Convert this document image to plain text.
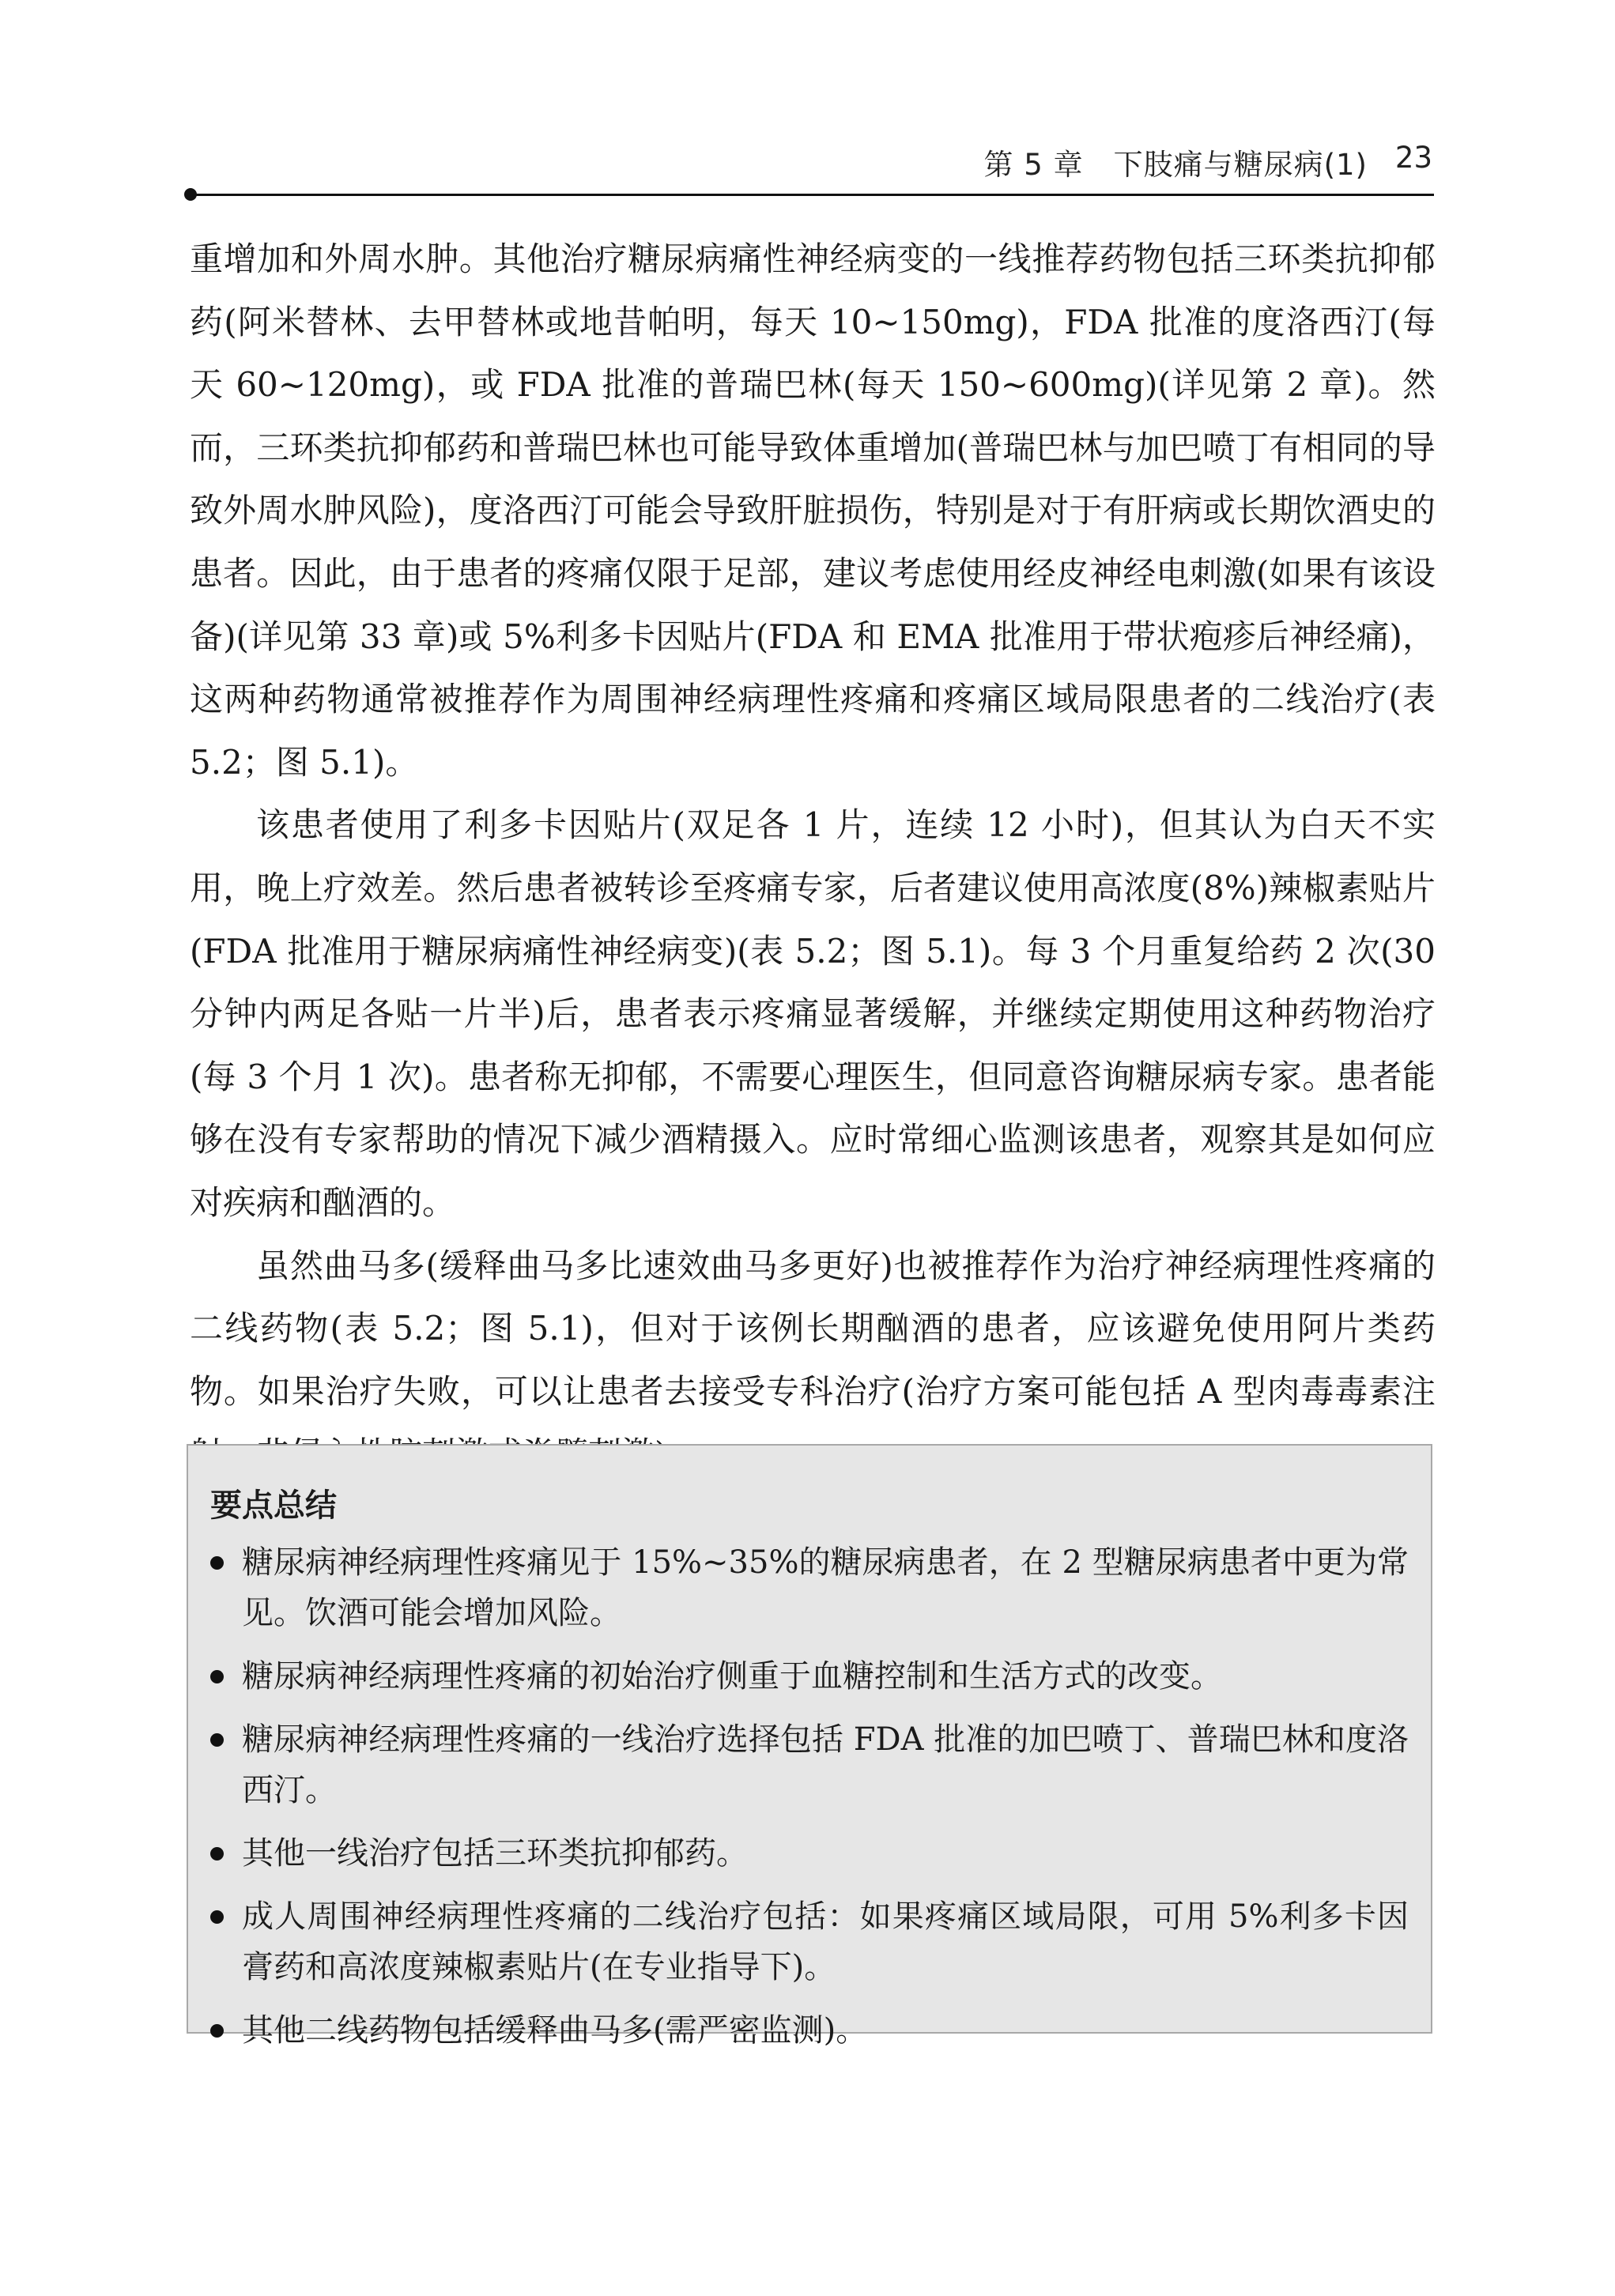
第 5 章　下肢痛与糖尿病(1) 23

重增加和外周水肿。其他治疗糖尿病痛性神经病变的一线推荐药物包括三环类抗抑郁药(阿米替林、去甲替林或地昔帕明，每天 10~150mg)，FDA 批准的度洛西汀(每天 60~120mg)，或 FDA 批准的普瑞巴林(每天 150~600mg)(详见第 2 章)。然而，三环类抗抑郁药和普瑞巴林也可能导致体重增加(普瑞巴林与加巴喷丁有相同的导致外周水肿风险)，度洛西汀可能会导致肝脏损伤，特别是对于有肝病或长期饮酒史的患者。因此，由于患者的疼痛仅限于足部，建议考虑使用经皮神经电刺激(如果有该设备)(详见第 33 章)或 5%利多卡因贴片(FDA 和 EMA 批准用于带状疱疹后神经痛)，这两种药物通常被推荐作为周围神经病理性疼痛和疼痛区域局限患者的二线治疗(表 5.2；图 5.1)。

该患者使用了利多卡因贴片(双足各 1 片，连续 12 小时)，但其认为白天不实用，晚上疗效差。然后患者被转诊至疼痛专家，后者建议使用高浓度(8%)辣椒素贴片(FDA 批准用于糖尿病痛性神经病变)(表 5.2；图 5.1)。每 3 个月重复给药 2 次(30 分钟内两足各贴一片半)后，患者表示疼痛显著缓解，并继续定期使用这种药物治疗(每 3 个月 1 次)。患者称无抑郁，不需要心理医生，但同意咨询糖尿病专家。患者能够在没有专家帮助的情况下减少酒精摄入。应时常细心监测该患者，观察其是如何应对疾病和酗酒的。

虽然曲马多(缓释曲马多比速效曲马多更好)也被推荐作为治疗神经病理性疼痛的二线药物(表 5.2；图 5.1)，但对于该例长期酗酒的患者，应该避免使用阿片类药物。如果治疗失败，可以让患者去接受专科治疗(治疗方案可能包括 A 型肉毒毒素注

要点总结
糖尿病神经病理性疼痛见于 15%~35%的糖尿病患者，在 2 型糖尿病患者中更为常见。饮酒可能会增加风险。
糖尿病神经病理性疼痛的初始治疗侧重于血糖控制和生活方式的改变。
糖尿病神经病理性疼痛的一线治疗选择包括 FDA 批准的加巴喷丁、普瑞巴林和度洛西汀。
其他一线治疗包括三环类抗抑郁药。
成人周围神经病理性疼痛的二线治疗包括：如果疼痛区域局限，可用 5%利多卡因膏药和高浓度辣椒素贴片(在专业指导下)。
其他二线药物包括缓释曲马多(需严密监测)。
